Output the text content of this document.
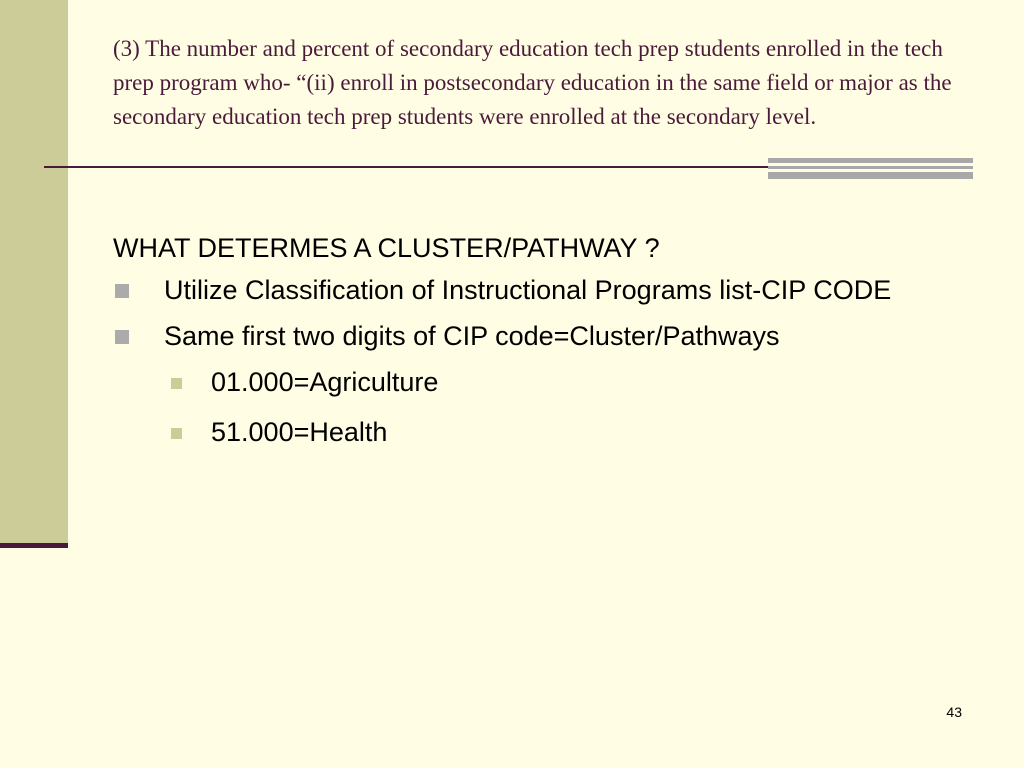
(3) The number and percent of secondary education tech prep students enrolled in the tech prep program who- “(ii) enroll in postsecondary education in the same field or major as the secondary education tech prep students were enrolled at the secondary level.
WHAT DETERMES A CLUSTER/PATHWAY ?
Utilize Classification of Instructional Programs list-CIP CODE
Same first two digits of CIP code=Cluster/Pathways
01.000=Agriculture
51.000=Health
43
